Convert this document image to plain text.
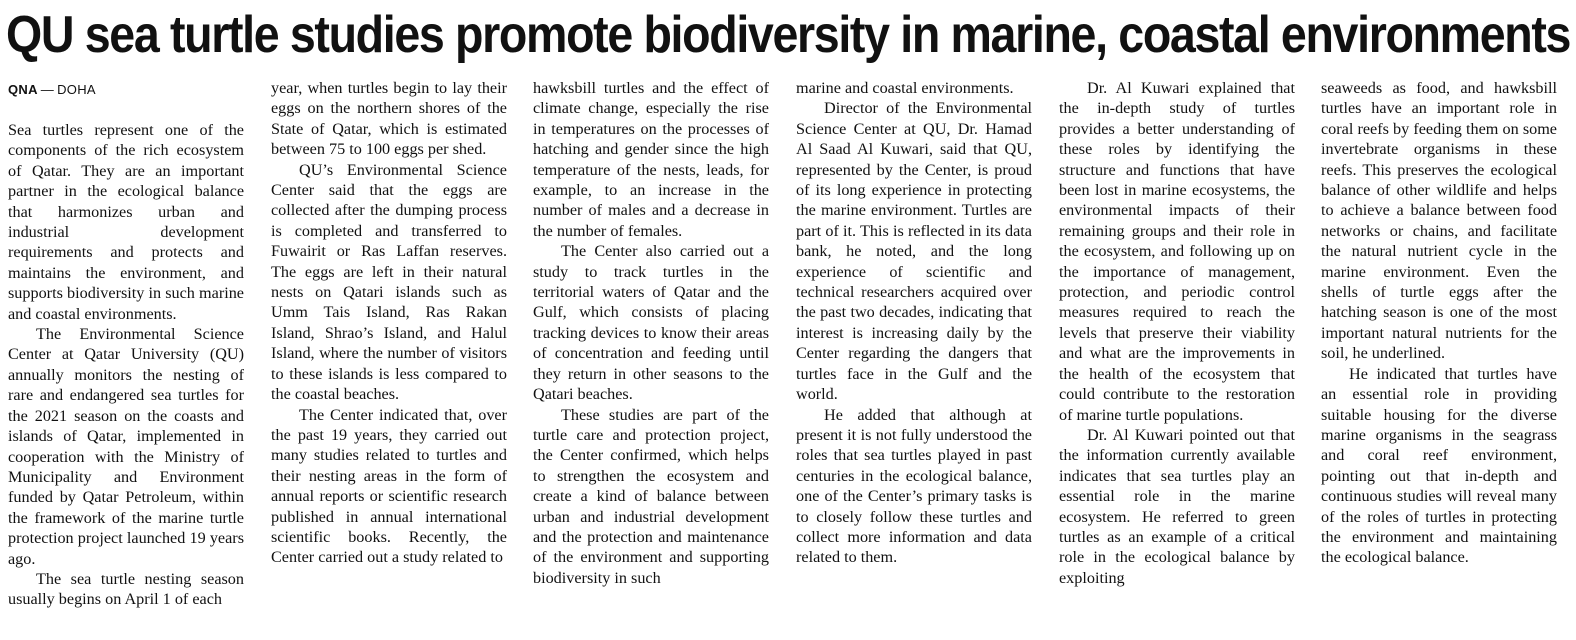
QU sea turtle studies promote biodiversity in marine, coastal environments
QNA — DOHA

Sea turtles represent one of the components of the rich ecosystem of Qatar. They are an important partner in the ecological balance that harmonizes urban and industrial development requirements and protects and maintains the environment, and supports biodiversity in such marine and coastal environments.

The Environmental Science Center at Qatar University (QU) annually monitors the nesting of rare and endangered sea turtles for the 2021 season on the coasts and islands of Qatar, implemented in cooperation with the Ministry of Municipality and Environment funded by Qatar Petroleum, within the framework of the marine turtle protection project launched 19 years ago.

The sea turtle nesting season usually begins on April 1 of each

year, when turtles begin to lay their eggs on the northern shores of the State of Qatar, which is estimated between 75 to 100 eggs per shed.

QU’s Environmental Science Center said that the eggs are collected after the dumping process is completed and transferred to Fuwairit or Ras Laffan reserves. The eggs are left in their natural nests on Qatari islands such as Umm Tais Island, Ras Rakan Island, Shrao’s Island, and Halul Island, where the number of visitors to these islands is less compared to the coastal beaches.

The Center indicated that, over the past 19 years, they carried out many studies related to turtles and their nesting areas in the form of annual reports or scientific research published in annual international scientific books. Recently, the Center carried out a study related to

hawksbill turtles and the effect of climate change, especially the rise in temperatures on the processes of hatching and gender since the high temperature of the nests, leads, for example, to an increase in the number of males and a decrease in the number of females.

The Center also carried out a study to track turtles in the territorial waters of Qatar and the Gulf, which consists of placing tracking devices to know their areas of concentration and feeding until they return in other seasons to the Qatari beaches.

These studies are part of the turtle care and protection project, the Center confirmed, which helps to strengthen the ecosystem and create a kind of balance between urban and industrial development and the protection and maintenance of the environment and supporting biodiversity in such

marine and coastal environments.

Director of the Environmental Science Center at QU, Dr. Hamad Al Saad Al Kuwari, said that QU, represented by the Center, is proud of its long experience in protecting the marine environment. Turtles are part of it. This is reflected in its data bank, he noted, and the long experience of scientific and technical researchers acquired over the past two decades, indicating that interest is increasing daily by the Center regarding the dangers that turtles face in the Gulf and the world.

He added that although at present it is not fully understood the roles that sea turtles played in past centuries in the ecological balance, one of the Center’s primary tasks is to closely follow these turtles and collect more information and data related to them.

Dr. Al Kuwari explained that the in-depth study of turtles provides a better understanding of these roles by identifying the structure and functions that have been lost in marine ecosystems, the environmental impacts of their remaining groups and their role in the ecosystem, and following up on the importance of management, protection, and periodic control measures required to reach the levels that preserve their viability and what are the improvements in the health of the ecosystem that could contribute to the restoration of marine turtle populations.

Dr. Al Kuwari pointed out that the information currently available indicates that sea turtles play an essential role in the marine ecosystem. He referred to green turtles as an example of a critical role in the ecological balance by exploiting

seaweeds as food, and hawksbill turtles have an important role in coral reefs by feeding them on some invertebrate organisms in these reefs. This preserves the ecological balance of other wildlife and helps to achieve a balance between food networks or chains, and facilitate the natural nutrient cycle in the marine environment. Even the shells of turtle eggs after the hatching season is one of the most important natural nutrients for the soil, he underlined.

He indicated that turtles have an essential role in providing suitable housing for the diverse marine organisms in the seagrass and coral reef environment, pointing out that in-depth and continuous studies will reveal many of the roles of turtles in protecting the environment and maintaining the ecological balance.
